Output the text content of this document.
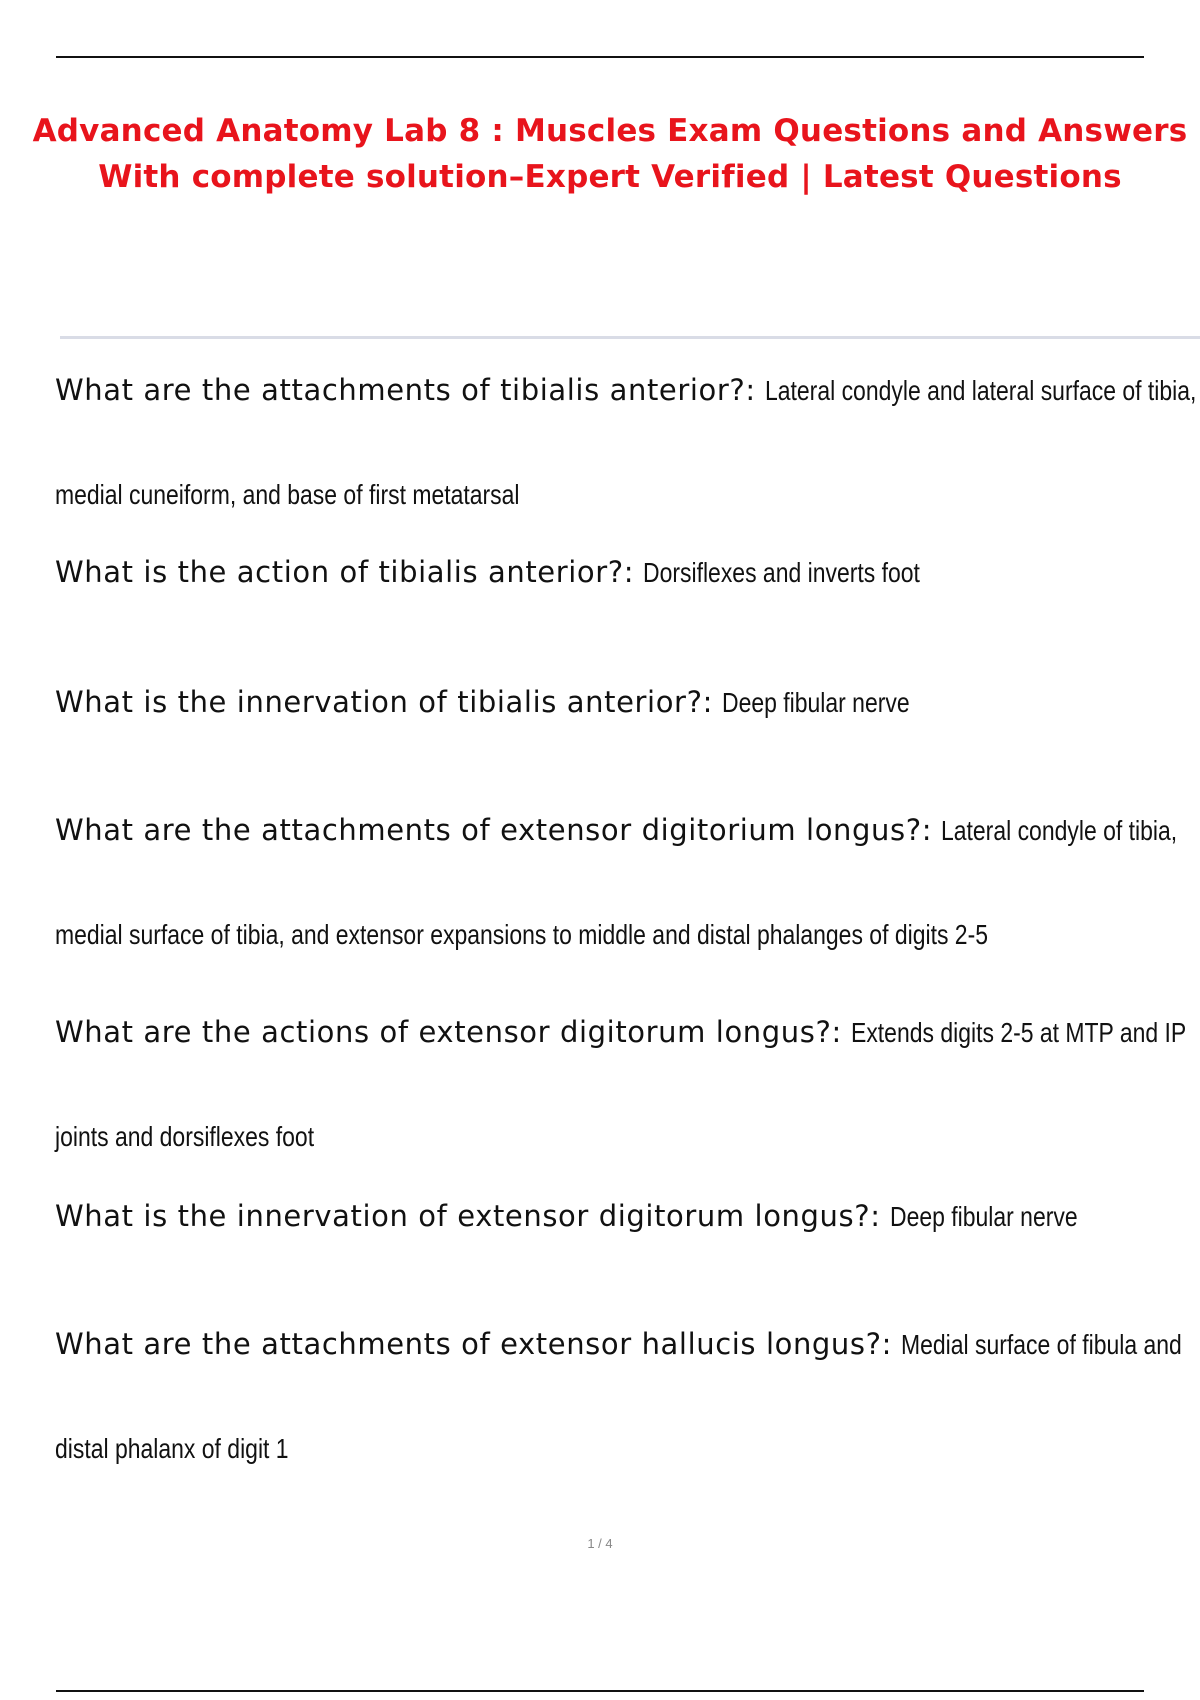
Advanced Anatomy Lab 8 : Muscles Exam Questions and Answers
With complete solution–Expert Verified | Latest Questions
What are the attachments of tibialis anterior?: Lateral condyle and lateral surface of tibia,
medial cuneiform, and base of first metatarsal
What is the action of tibialis anterior?: Dorsiflexes and inverts foot
What is the innervation of tibialis anterior?: Deep fibular nerve
What are the attachments of extensor digitorium longus?: Lateral condyle of tibia,
medial surface of tibia, and extensor expansions to middle and distal phalanges of digits 2-5
What are the actions of extensor digitorum longus?: Extends digits 2-5 at MTP and IP
joints and dorsiflexes foot
What is the innervation of extensor digitorum longus?: Deep fibular nerve
What are the attachments of extensor hallucis longus?: Medial surface of fibula and
distal phalanx of digit 1
1 / 4
